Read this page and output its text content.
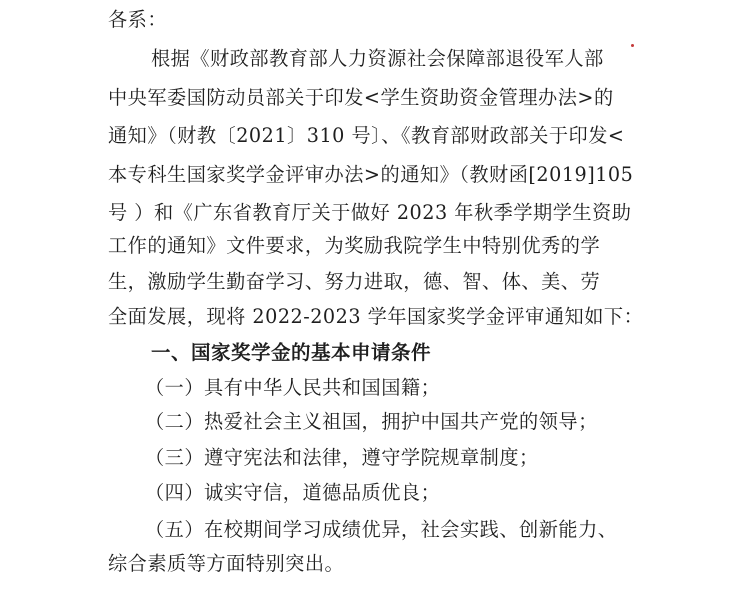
各系：
根据《财政部教育部人力资源社会保障部退役军人部
中央军委国防动员部关于印发<学生资助资金管理办法>的
通知》（财教〔2021〕310 号〕、《教育部财政部关于印发<
本专科生国家奖学金评审办法>的通知》（教财函[2019]105
号 ）和《广东省教育厅关于做好 2023 年秋季学期学生资助
工作的通知》文件要求，为奖励我院学生中特别优秀的学
生，激励学生勤奋学习、努力进取，德、智、体、美、劳
全面发展，现将 2022-2023 学年国家奖学金评审通知如下：
一、国家奖学金的基本申请条件
（一）具有中华人民共和国国籍；
（二）热爱社会主义祖国，拥护中国共产党的领导；
（三）遵守宪法和法律，遵守学院规章制度；
（四）诚实守信，道德品质优良；
（五）在校期间学习成绩优异，社会实践、创新能力、
综合素质等方面特别突出。
